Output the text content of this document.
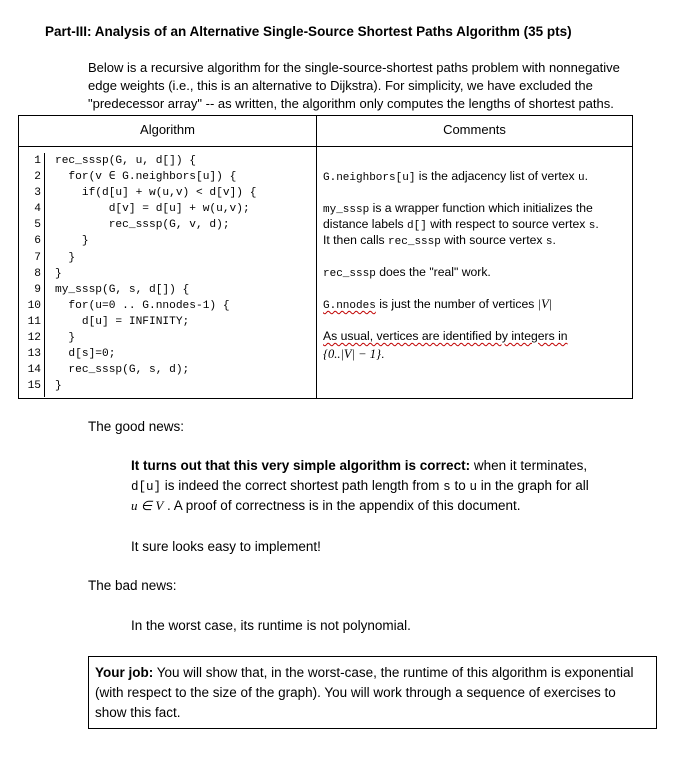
Part-III: Analysis of an Alternative Single-Source Shortest Paths Algorithm (35 pts)

Below is a recursive algorithm for the single-source-shortest paths problem with nonnegative

edge weights (i.e., this is an alternative to Dijkstra). For simplicity, we have excluded the

"predecessor array" -- as written, the algorithm only computes the lengths of shortest paths.

Algorithm	Comments
1 rec_sssp(G, u, d[]) {
2 for(v ∈ G.neighbors[u]) {
3 if(d[u] + w(u,v) < d[v]) {
4 d[v] = d[u] + w(u,v);
5 rec_sssp(G, v, d);
6 }
7 }
8 }
9 my_sssp(G, s, d[]) {
10 for(u=0 .. G.nnodes-1) {
11 d[u] = INFINITY;
12 }
13 d[s]=0;
14 rec_sssp(G, s, d);
15 }
G.neighbors[u] is the adjacency list of vertex u.
my_sssp is a wrapper function which initializes the
distance labels d[] with respect to source vertex s.
It then calls rec_sssp with source vertex s.
rec_sssp does the "real" work.
G.nnodes is just the number of vertices |V|
As usual, vertices are identified by integers in
{0..|V| − 1}.
The good news:
It turns out that this very simple algorithm is correct: when it terminates,
d[u] is indeed the correct shortest path length from s to u in the graph for all
u ∈ V . A proof of correctness is in the appendix of this document.
It sure looks easy to implement!
The bad news:
In the worst case, its runtime is not polynomial.
Your job: You will show that, in the worst-case, the runtime of this algorithm is exponential (with respect to the size of the graph). You will work through a sequence of exercises to show this fact.
